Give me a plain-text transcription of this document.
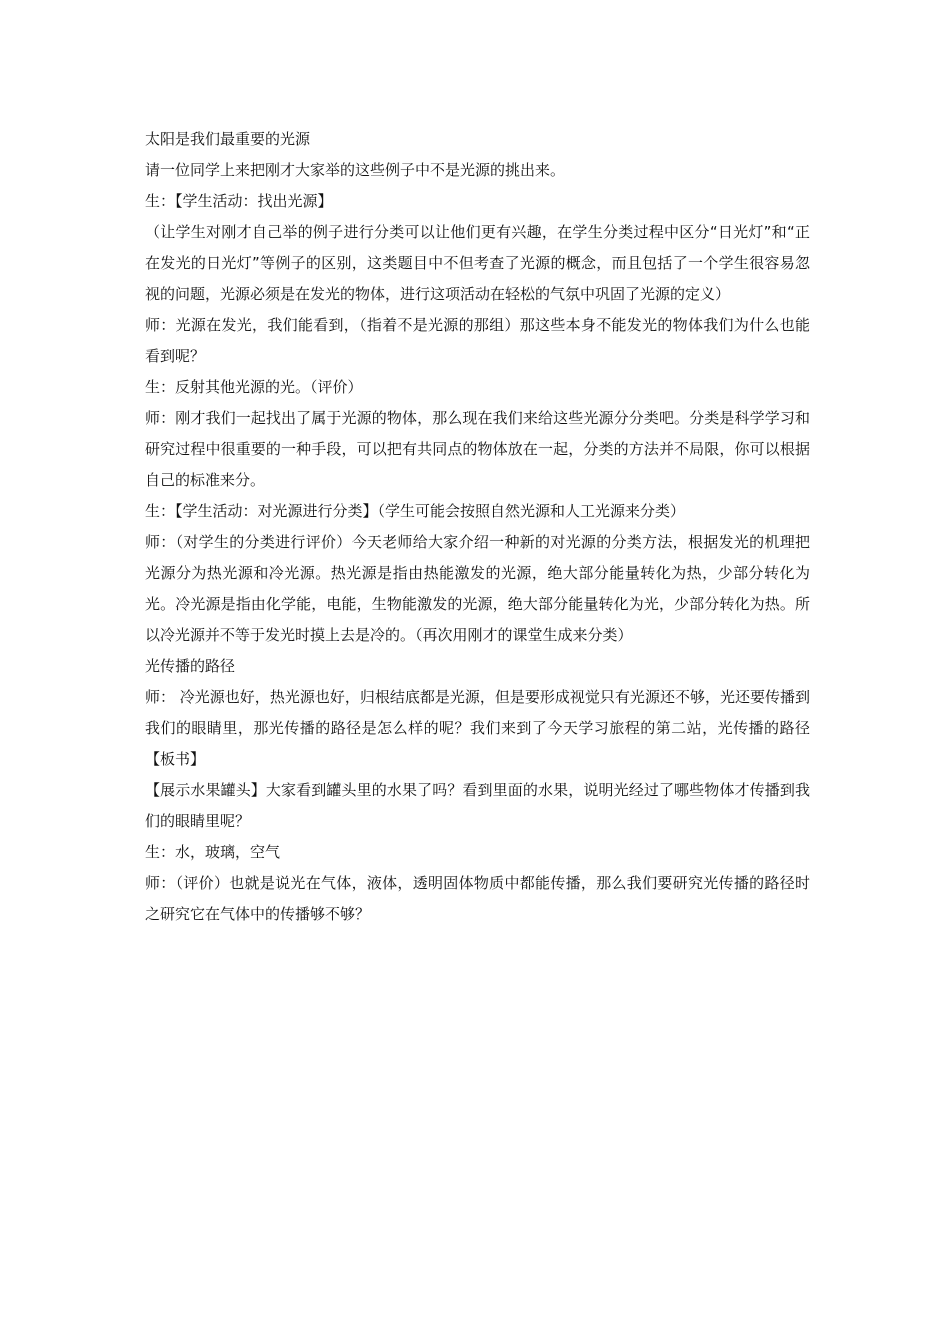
太阳是我们最重要的光源

请一位同学上来把刚才大家举的这些例子中不是光源的挑出来。

生：【学生活动：找出光源】

（让学生对刚才自己举的例子进行分类可以让他们更有兴趣，在学生分类过程中区分“日光灯”和“正在发光的日光灯”等例子的区别，这类题目中不但考查了光源的概念，而且包括了一个学生很容易忽视的问题，光源必须是在发光的物体，进行这项活动在轻松的气氛中巩固了光源的定义）

师：光源在发光，我们能看到，（指着不是光源的那组）那这些本身不能发光的物体我们为什么也能看到呢？

生：反射其他光源的光。（评价）

师：刚才我们一起找出了属于光源的物体，那么现在我们来给这些光源分分类吧。分类是科学学习和研究过程中很重要的一种手段，可以把有共同点的物体放在一起，分类的方法并不局限，你可以根据自己的标准来分。

生：【学生活动：对光源进行分类】（学生可能会按照自然光源和人工光源来分类）

师：（对学生的分类进行评价）今天老师给大家介绍一种新的对光源的分类方法，根据发光的机理把光源分为热光源和冷光源。热光源是指由热能激发的光源，绝大部分能量转化为热，少部分转化为光。冷光源是指由化学能，电能，生物能激发的光源，绝大部分能量转化为光，少部分转化为热。所以冷光源并不等于发光时摸上去是冷的。（再次用刚才的课堂生成来分类）

光传播的路径

师： 冷光源也好，热光源也好，归根结底都是光源，但是要形成视觉只有光源还不够，光还要传播到我们的眼睛里，那光传播的路径是怎么样的呢？我们来到了今天学习旅程的第二站，光传播的路径【板书】

【展示水果罐头】大家看到罐头里的水果了吗？看到里面的水果，说明光经过了哪些物体才传播到我们的眼睛里呢？

生：水，玻璃，空气

师：（评价）也就是说光在气体，液体，透明固体物质中都能传播，那么我们要研究光传播的路径时之研究它在气体中的传播够不够？
